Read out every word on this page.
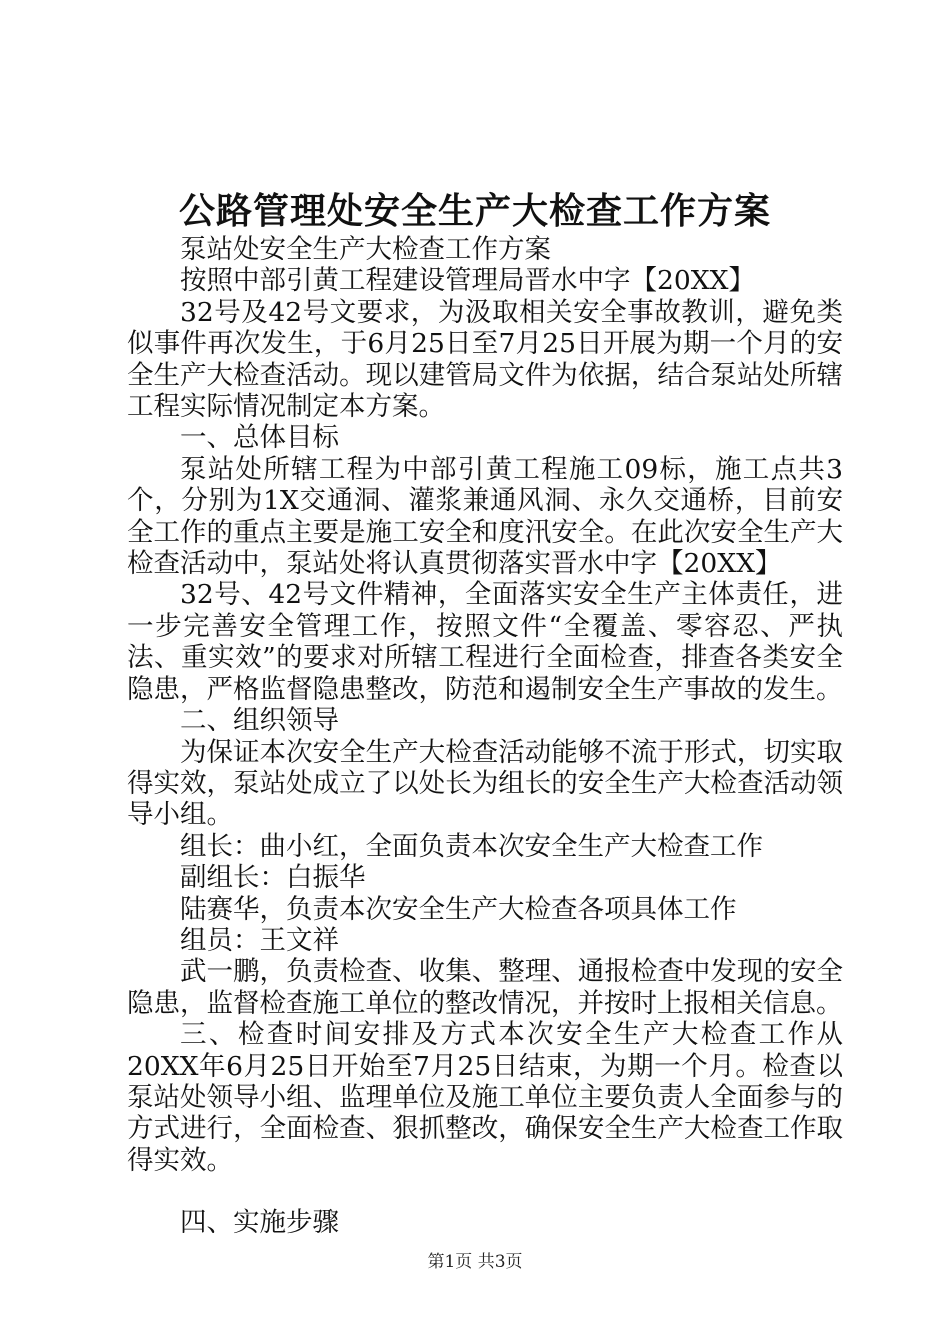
公路管理处安全生产大检查工作方案

泵站处安全生产大检查工作方案

按照中部引黄工程建设管理局晋水中字【20XX】

32号及42号文要求，为汲取相关安全事故教训，避免类似事件再次发生，于6月25日至7月25日开展为期一个月的安全生产大检查活动。现以建管局文件为依据，结合泵站处所辖工程实际情况制定本方案。

一、总体目标

泵站处所辖工程为中部引黄工程施工09标，施工点共3个，分别为1X交通洞、灌浆兼通风洞、永久交通桥，目前安全工作的重点主要是施工安全和度汛安全。在此次安全生产大检查活动中，泵站处将认真贯彻落实晋水中字【20XX】

32号、42号文件精神，全面落实安全生产主体责任，进一步完善安全管理工作，按照文件“全覆盖、零容忍、严执法、重实效”的要求对所辖工程进行全面检查，排查各类安全隐患，严格监督隐患整改，防范和遏制安全生产事故的发生。

二、组织领导

为保证本次安全生产大检查活动能够不流于形式，切实取得实效，泵站处成立了以处长为组长的安全生产大检查活动领导小组。

组长：曲小红，全面负责本次安全生产大检查工作

副组长：白振华

陆赛华，负责本次安全生产大检查各项具体工作

组员：王文祥

武一鹏，负责检查、收集、整理、通报检查中发现的安全隐患，监督检查施工单位的整改情况，并按时上报相关信息。

三、检查时间安排及方式本次安全生产大检查工作从20XX年6月25日开始至7月25日结束，为期一个月。检查以泵站处领导小组、监理单位及施工单位主要负责人全面参与的方式进行，全面检查、狠抓整改，确保安全生产大检查工作取得实效。

四、实施步骤

第1页 共3页
